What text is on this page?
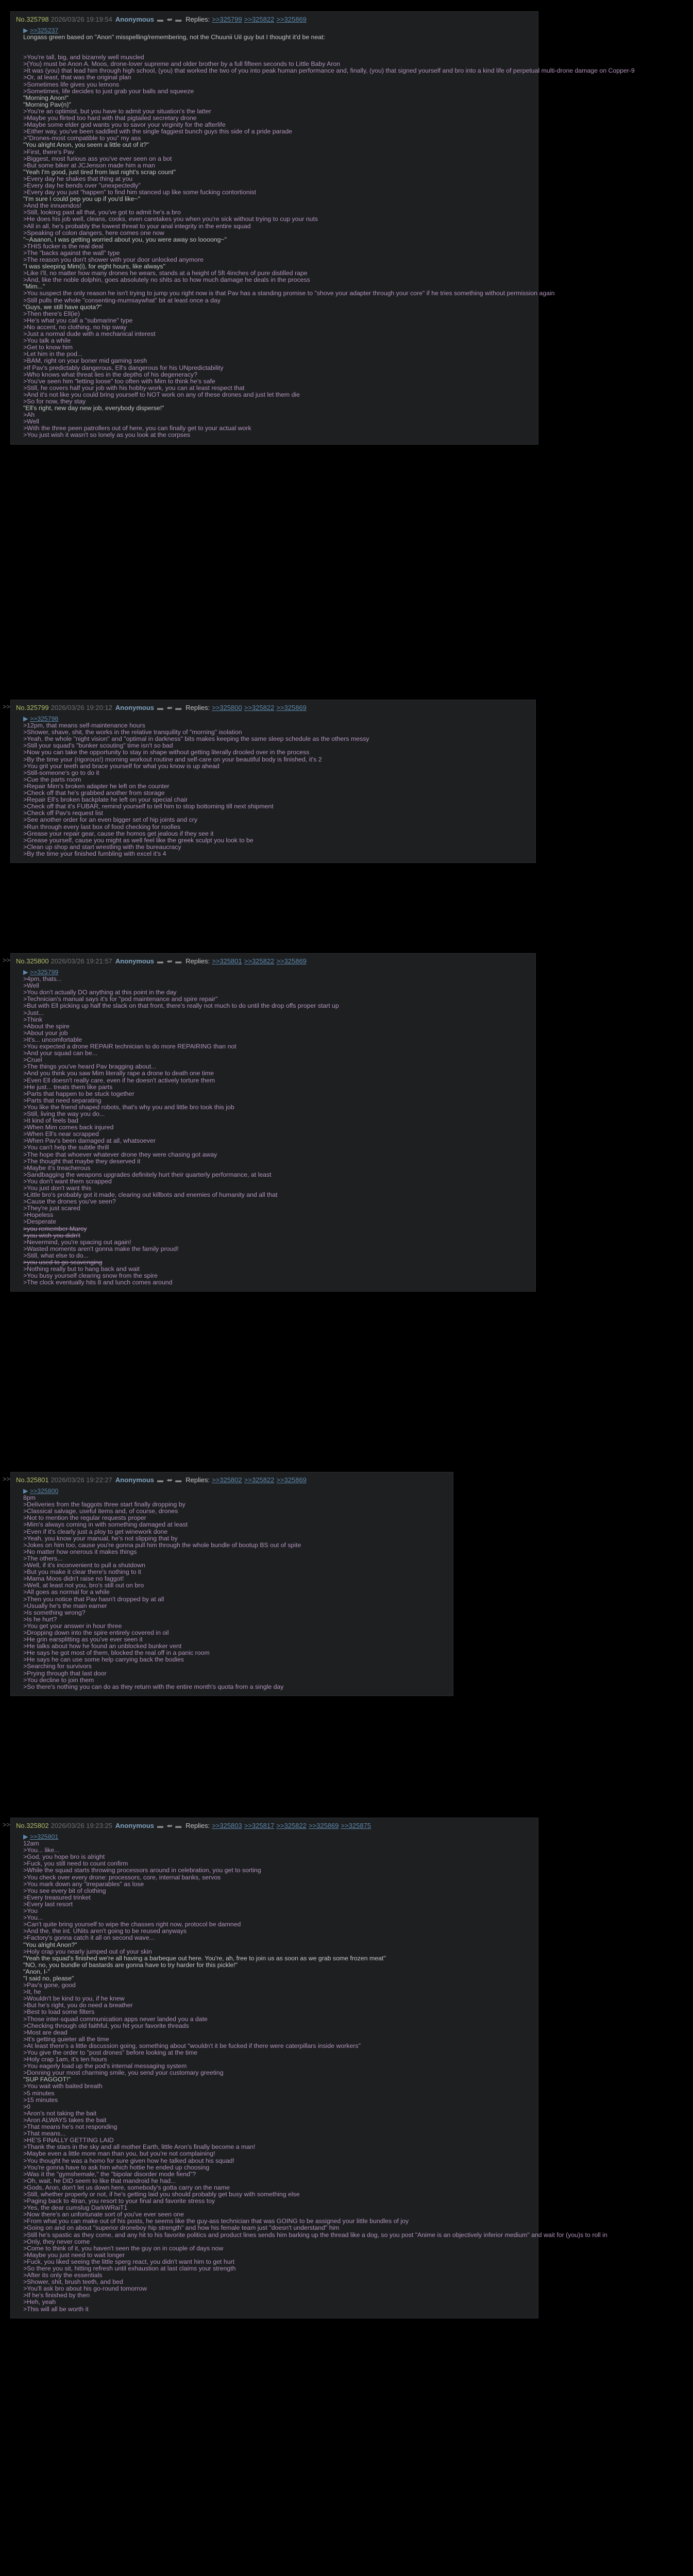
No.325798 2026/03/26 19:19:54 Anonymous ▬ ⮨ ▬ Replies: >>325799 >>325822 >>325869
▶ >>325237
Longass green based on "Anon" misspelling/remembering, not the Chuunii UiI guy but I thought it'd be neat:
>You're tall, big, and bizarrely well muscled
>(You) must be Anon A. Moos, drone-lover supreme and older brother by a full fifteen seconds to Little Baby Aron
>It was (you) that lead him through high school, (you) that worked the two of you into peak human performance and, finally, (you) that signed yourself and bro into a kind life of perpetual multi-drone damage on Copper-9
>Or, at least, that was the original plan
>Sometimes life gives you lemons
>Sometimes, life decides to just grab your balls and squeeze
"Morning Anon!"
"Morning Pav(n)"
>You're an optimist, but you have to admit your situation's the latter
>Maybe you flirted too hard with that pigtailed secretary drone
>Maybe some elder god wants you to savor your virginity for the afterlife
>Either way, you've been saddled with the single faggiest bunch guys this side of a pride parade
>"Drones-most compatible to you" my ass
"You alright Anon, you seem a little out of it?"
>First, there's Pav
>Biggest, most furious ass you've ever seen on a bot
>But some biker at JCJenson made him a man
"Yeah I'm good, just tired from last night's scrap count"
>Every day he shakes that thing at you
>Every day he bends over "unexpectedly"
>Every day you just "happen" to find him stanced up like some fucking contortionist
"I'm sure I could pep you up if you'd like~"
>And the innuendos!
>Still, looking past all that, you've got to admit he's a bro
>He does his job well, cleans, cooks, even caretakes you when you're sick without trying to cup your nuts
>All in all, he's probably the lowest threat to your anal integrity in the entire squad
>Speaking of colon dangers, here comes one now
"~Aaanon, I was getting worried about you, you were away so loooong~"
>THIS fucker is the real deal
>The "backs against the wall" type
>The reason you don't shower with your door unlocked anymore
"I was sleeping Mim(i), for eight hours, like always"
>Like I'll, no matter how many drones he wears, stands at a height of 5ft 4inches of pure distilled rape
>And, like the noble dolphin, goes absolutely no shits as to how much damage he deals in the process
"Mim..."
>You suspect the only reason he isn't trying to jump you right now is that Pav has a standing promise to "shove your adapter through your core" if he tries something without permission again
>Still pulls the whole "consenting-mumsaywhat" bit at least once a day
"Guys, we still have quota?"
>Then there's Ell(ie)
>He's what you call a "submarine" type
>No accent, no clothing, no hip sway
>Just a normal dude with a mechanical interest
>You talk a while
>Get to know him
>Let him in the pod...
>BAM, right on your boner mid gaming sesh
>If Pav's predictably dangerous, Ell's dangerous for his UNpredictability
>Who knows what threat lies in the depths of his degeneracy?
>You've seen him "letting loose" too often with Mim to think he's safe
>Still, he covers half your job with his hobby-work, you can at least respect that
>And it's not like you could bring yourself to NOT work on any of these drones and just let them die
>So for now, they stay
"Ell's right, new day new job, everybody disperse!"
>Ah
>Well
>With the three peen patrollers out of here, you can finally get to your actual work
>You just wish it wasn't so lonely as you look at the corpses
>> No.325799 2026/03/26 19:20:12 Anonymous ▬ ⮨ ▬ Replies: >>325800 >>325822 >>325869
▶ >>325798
>12pm, that means self-maintenance hours
>Shower, shave, shit, the works in the relative tranquility of "morning" isolation
>Yeah, the whole "night vision" and "optimal in darkness" bits makes keeping the same sleep schedule as the others messy
>Still your squad's "bunker scouting" time isn't so bad
>Now you can take the opportunity to stay in shape without getting literally drooled over in the process
>By the time your (rigorous!) morning workout routine and self-care on your beautiful body is finished, it's 2
>You grit your teeth and brace yourself for what you know is up ahead
>Still-someone's go to do it
>Cue the parts room
>Repair Mim's broken adapter he left on the counter
>Check off that he's grabbed another from storage
>Repair Ell's broken backplate he left on your special chair
>Check off that it's FUBAR, remind yourself to tell him to stop bottoming till next shipment
>Check off Pav's request list
>See another order for an even bigger set of hip joints and cry
>Run through every last box of food checking for roofies
>Grease your repair gear, cause the homos get jealous if they see it
>Grease yourself, cause you might as well feel like the greek sculpt you look to be
>Clean up shop and start wrestling with the bureaucracy
>By the time your finished fumbling with excel it's 4
>> No.325800 2026/03/26 19:21:57 Anonymous ▬ ⮨ ▬ Replies: >>325801 >>325822 >>325869
▶ >>325799
>4pm, thats...
>Well
>You don't actually DO anything at this point in the day
>Technician's manual says it's for "pod maintenance and spire repair"
>But with Ell picking up half the slack on that front, there's really not much to do until the drop offs proper start up
>Just...
>Think
>About the spire
>About your job
>It's... uncomfortable
>You expected a drone REPAIR technician to do more REPAIRING than not
>And your squad can be...
>Cruel
>The things you've heard Pav bragging about...
>And you think you saw Mim literally rape a drone to death one time
>Even Ell doesn't really care, even if he doesn't actively torture them
>He just... treats them like parts
>Parts that happen to be stuck together
>Parts that need separating
>You like the friend shaped robots, that's why you and little bro took this job
>Still, living the way you do...
>It kind of feels bad
>When Mim comes back injured
>When Ell's near scrapped
>When Pav's been damaged at all, whatsoever
>You can't help the subtle thrill
>The hope that whoever whatever drone they were chasing got away
>The thought that maybe they deserved it
>Maybe it's treacherous
>Sandbagging the weapons upgrades definitely hurt their quarterly performance, at least
>You don't want them scrapped
>You just don't want this
>Little bro's probably got it made, clearing out killbots and enemies of humanity and all that
>Cause the drones you've seen?
>They're just scared
>Hopeless
>Desperate
>you remember Marcy
>you wish you didn't
>Nevermind, you're spacing out again!
>Wasted moments aren't gonna make the family proud!
>Still, what else to do...
>you used to go scavenging
>Nothing really but to hang back and wait
>You busy yourself clearing snow from the spire
>The clock eventually hits 8 and lunch comes around
>> No.325801 2026/03/26 19:22:27 Anonymous ▬ ⮨ ▬ Replies: >>325802 >>325822 >>325869
▶ >>325800
8pm
>Deliveries from the faggots three start finally dropping by
>Classical salvage, useful items and, of course, drones
>Not to mention the regular requests proper
>Mim's always coming in with something damaged at least
>Even if it's clearly just a ploy to get winework done
>Yeah, you know your manual, he's not slipping that by
>Jokes on him too, cause you're gonna pull him through the whole bundle of bootup BS out of spite
>No matter how onerous it makes things
>The others...
>Well, if it's inconvenient to pull a shutdown
>But you make it clear there's nothing to it
>Mama Moos didn't raise no faggot!
>Well, at least not you, bro's still out on bro
>All goes as normal for a while
>Then you notice that Pav hasn't dropped by at all
>Usually he's the main earner
>Is something wrong?
>Is he hurt?
>You get your answer in hour three
>Dropping down into the spire entirely covered in oil
>He grin earsplitting as you've ever seen it
>He talks about how he found an unblocked bunker vent
>He says he got most of them, blocked the real off in a panic room
>He says he can use some help carrying back the bodies
>Searching for survivors
>Prying through that last door
>You decline to join them
>So there's nothing you can do as they return with the entire month's quota from a single day
>> No.325802 2026/03/26 19:23:25 Anonymous ▬ ⮨ ▬ Replies: >>325803 >>325817 >>325822 >>325869 >>325875
▶ >>325801
12am
>You... like...
>God, you hope bro is alright
>Fuck, you still need to count confirm
>While the squad starts throwing processors around in celebration, you get to sorting
>You check over every drone: processors, core, internal banks, servos
>You mark down any "irreparables" as lose
>You see every bit of clothing
>Every treasured trinket
>Every last resort
>You
>You...
>Can't quite bring yourself to wipe the chasses right now, protocol be damned
>And the, the int. UNits aren't going to be reused anyways
>Factory's gonna catch it all on second wave...
"You alright Anon?"
>Holy crap you nearly jumped out of your skin
"Yeah the squad's finished we're all having a barbeque out here. You're, ah, free to join us as soon as we grab some frozen meat"
"NO, no, you bundle of bastards are gonna have to try harder for this pickle!"
"Anon, I-"
"I said no, please"
>Pav's gone, good
>It, he
>Wouldn't be kind to you, if he knew
>But he's right, you do need a breather
>Best to load some filters
>Those inter-squad communication apps never landed you a date
>Checking through old faithful, you hit your favorite threads
>Most are dead
>It's getting quieter all the time
>At least there's a little discussion going, something about "wouldn't it be fucked if there were caterpillars inside workers"
>You give the order to "post drones" before looking at the time
>Holy crap 1am, it's ten hours
>You eagerly load up the pod's internal messaging system
>Donning your most charming smile, you send your customary greeting
"SUP FAGGOT!"
>You wait with baited breath
>5 minutes
>15 minutes
>0
>Aron's not taking the bait
>Aron ALWAYS takes the bait
>That means he's not responding
>That means...
>HE'S FINALLY GETTING LAID
>Thank the stars in the sky and all mother Earth, little Aron's finally become a man!
>Maybe even a little more man than you, but you're not complaining!
>You thought he was a homo for sure given how he talked about his squad!
>You're gonna have to ask him which hottie he ended up choosing
>Was it the "gymshemale," the "bipolar disorder mode fiend"?
>Oh, wait, he DID seem to like that mandroid he had...
>Gods, Aron, don't let us down here, somebody's gotta carry on the name
>Still, whether properly or not, if he's getting laid you should probably get busy with something else
>Paging back to 4tran, you resort to your final and favorite stress toy
>Yes, the dear cumslug DarkWRaiT1
>Now there's an unfortunate sort of you've ever seen one
>From what you can make out of his posts, he seems like the guy-ass technician that was GOING to be assigned your little bundles of joy
>Going on and on about "superior droneboy hip strength" and how his female team just "doesn't understand" him
>Still he's spastic as they come, and any hit to his favorite politics and product lines sends him barking up the thread like a dog, so you post "Anime is an objectively inferior medium" and wait for (you)s to roll in
>Only, they never come
>Come to think of it, you haven't seen the guy on in couple of days now
>Maybe you just need to wait longer
>Fuck, you liked seeing the little sperg react, you didn't want him to get hurt
>So there you sit, hitting refresh until exhaustion at last claims your strength
>After its only the essentials
>Shower, shit, brush teeth, and bed
>You'll ask bro about his go-round tomorrow
>If he's finished by then
>Heh, yeah
>This will all be worth it
